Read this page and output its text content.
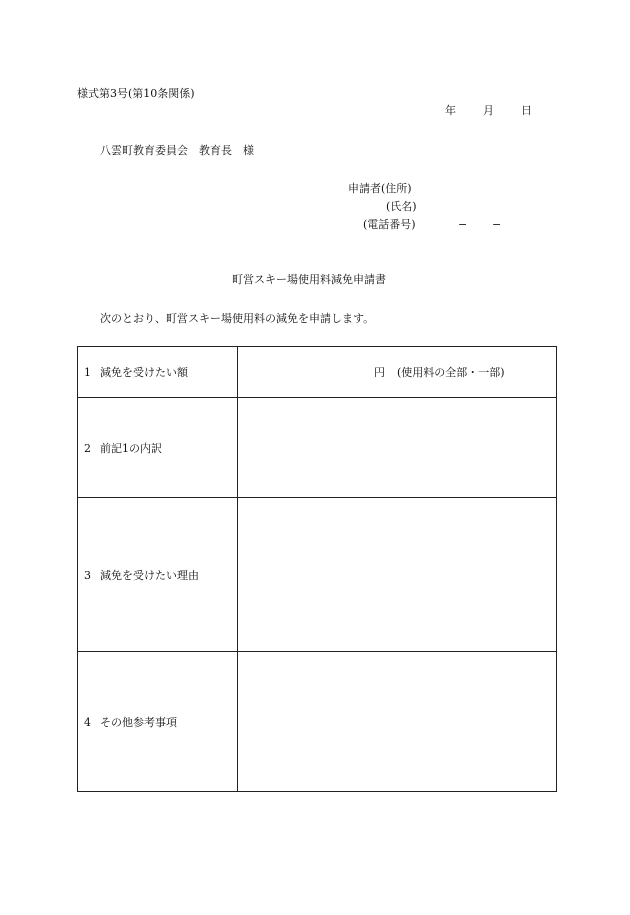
様式第3号(第10条関係)
年 月 日
八雲町教育委員会　教育長　様
申請者(住所)
(氏名)
(電話番号)	− −
町営スキー場使用料減免申請書
次のとおり、町営スキー場使用料の減免を申請します。
1 減免を受けたい額	円 (使用料の全部・一部)
2 前記1の内訳	
3 減免を受けたい理由	
4 その他参考事項	
